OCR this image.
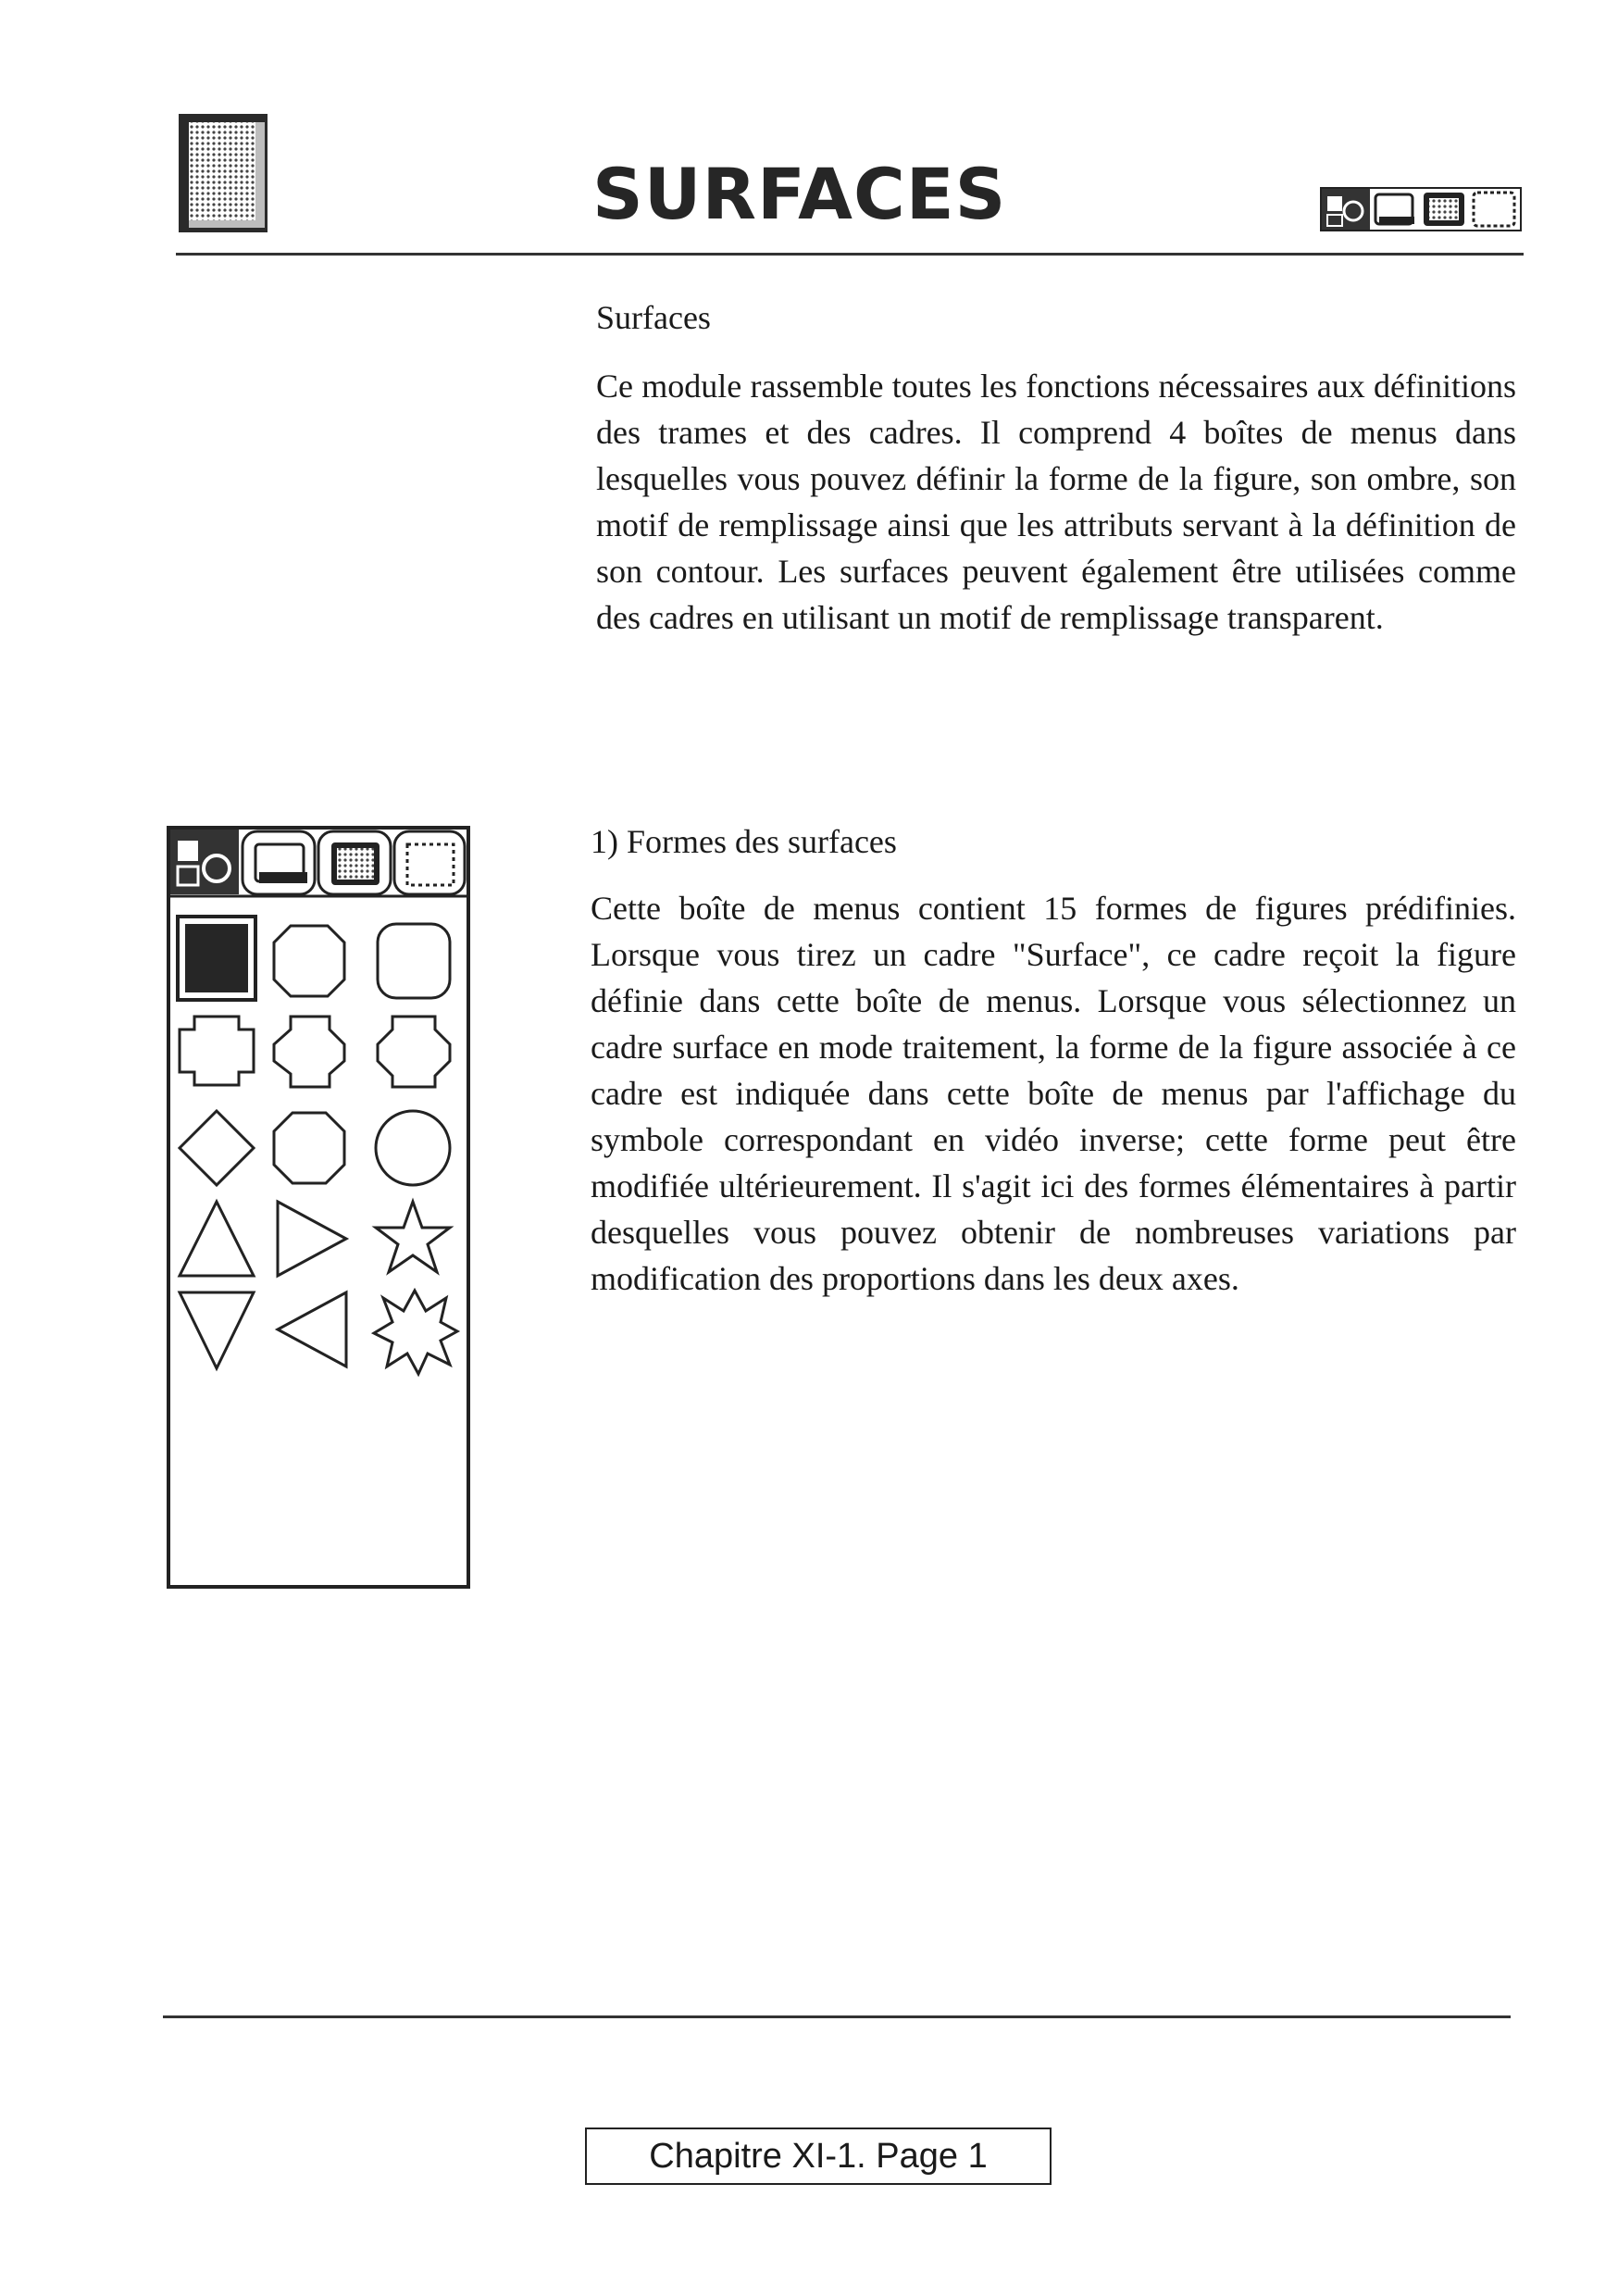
SURFACES

Surfaces

Ce module rassemble toutes les fonctions nécessaires aux définitions des trames et des cadres. Il comprend 4 boîtes de menus dans lesquelles vous pouvez définir la forme de la figure, son ombre, son motif de remplissage ainsi que les attributs servant à la définition de son contour. Les surfaces peuvent également être utilisées comme des cadres en utilisant un motif de remplissage transparent.

1) Formes des surfaces

Cette boîte de menus contient 15 formes de figures prédifinies. Lorsque vous tirez un cadre "Surface", ce cadre reçoit la figure définie dans cette boîte de menus. Lorsque vous sélectionnez un cadre surface en mode traitement, la forme de la figure associée à ce cadre est indiquée dans cette boîte de menus par l'affichage du symbole correspondant en vidéo inverse; cette forme peut être modifiée ultérieurement. Il s'agit ici des formes élémentaires à partir desquelles vous pouvez obtenir de nombreuses variations par modification des proportions dans les deux axes.

Chapitre XI-1. Page 1
